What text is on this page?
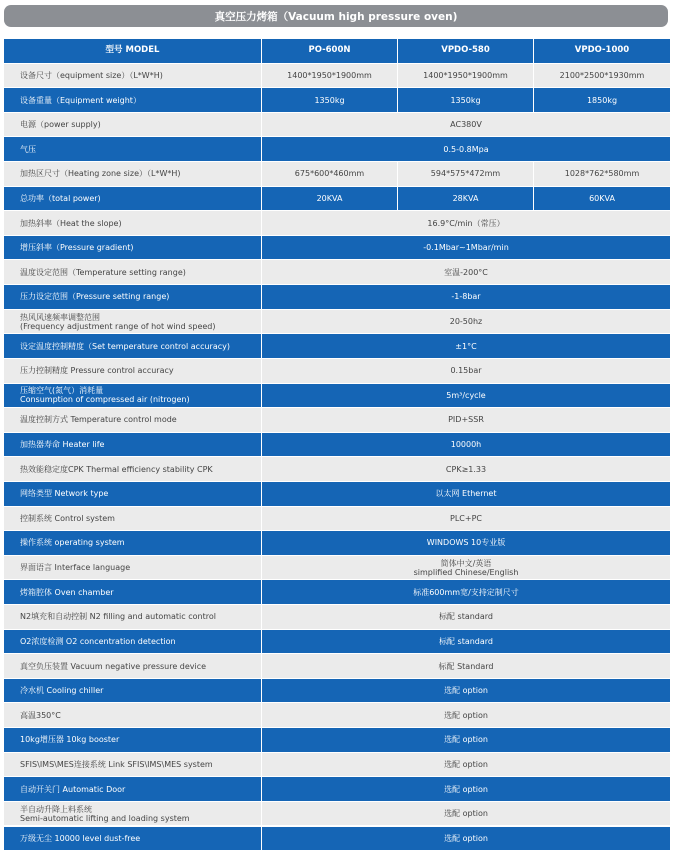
真空压力烤箱（Vacuum high pressure oven)
型号 MODEL	PO-600N	VPDO-580	VPDO-1000
设备尺寸（equipment size）（L*W*H)	1400*1950*1900mm	1400*1950*1900mm	2100*2500*1930mm
设备重量（Equipment weight）	1350kg	1350kg	1850kg
电源（power supply)	AC380V
气压	0.5-0.8Mpa
加热区尺寸（Heating zone size）（L*W*H)	675*600*460mm	594*575*472mm	1028*762*580mm
总功率（total power)	20KVA	28KVA	60KVA
加热斜率（Heat the slope)	16.9°C/min（常压）
增压斜率（Pressure gradient)	-0.1Mbar~1Mbar/min
温度设定范围（Temperature setting range)	室温-200°C
压力设定范围（Pressure setting range)	-1-8bar
热风风速频率调整范围
(Frequency adjustment range of hot wind speed)	20-50hz
设定温度控制精度（Set temperature control accuracy)	±1°C
压力控制精度 Pressure control accuracy	0.15bar
压缩空气(氮气）消耗量
Consumption of compressed air (nitrogen)	5m³/cycle
温度控制方式 Temperature control mode	PID+SSR
加热器寿命 Heater life	10000h
热效能稳定度CPK Thermal efficiency stability CPK	CPK≥1.33
网络类型 Network type	以太网 Ethernet
控制系统 Control system	PLC+PC
操作系统 operating system	WINDOWS 10专业版
界面语言 Interface language	简体中文/英语
simplified Chinese/English
烤箱腔体 Oven chamber	标准600mm宽/支持定制尺寸
N2填充和自动控制 N2 filling and automatic control	标配 standard
O2浓度检测 O2 concentration detection	标配 standard
真空负压装置 Vacuum negative pressure device	标配 Standard
冷水机 Cooling chiller	选配 option
高温350°C	选配 option
10kg增压器 10kg booster	选配 option
SFIS\IMS\MES连接系统 Link SFIS\IMS\MES system	选配 option
自动开关门 Automatic Door	选配 option
半自动升降上料系统
Semi-automatic lifting and loading system	选配 option
万级无尘 10000 level dust-free	选配 option
